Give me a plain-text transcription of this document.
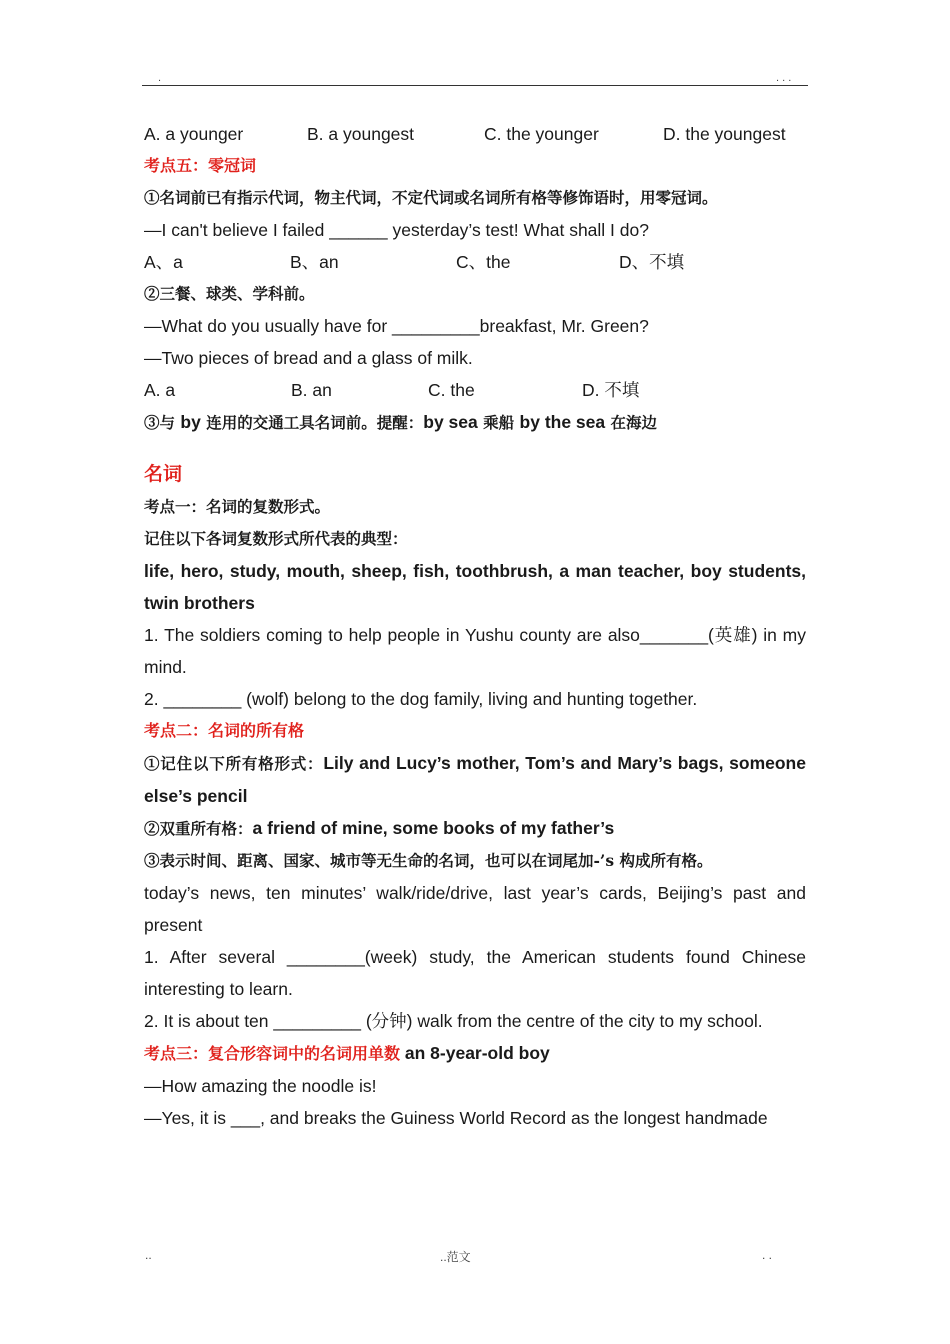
.	. . .
A. a younger	B. a youngest	C. the younger	D. the youngest
考点五：零冠词
①名词前已有指示代词，物主代词，不定代词或名词所有格等修饰语时，用零冠词。
—I can't believe I failed ______ yesterday’s test! What shall I do?
A、a	B、an	C、the	D、不填
②三餐、球类、学科前。
—What do you usually have for _________breakfast, Mr. Green?
—Two pieces of bread and a glass of milk.
A. a	B. an	C. the	D. 不填
③与 by 连用的交通工具名词前。提醒：by sea 乘船 by the sea 在海边
名词
考点一：名词的复数形式。
记住以下各词复数形式所代表的典型：
life, hero, study, mouth, sheep, fish, toothbrush, a man teacher, boy students, twin brothers
1. The soldiers coming to help people in Yushu county are also_______(英雄) in my mind.
2. ________ (wolf) belong to the dog family, living and hunting together.
考点二：名词的所有格
①记住以下所有格形式：Lily and Lucy’s mother, Tom’s and Mary’s bags, someone else’s pencil
②双重所有格：a friend of mine, some books of my father’s
③表示时间、距离、国家、城市等无生命的名词，也可以在词尾加-’s 构成所有格。
today’s news, ten minutes’ walk/ride/drive, last year’s cards, Beijing’s past and present
1. After several ________(week) study, the American students found Chinese interesting to learn.
2. It is about ten _________ (分钟) walk from the centre of the city to my school.
考点三：复合形容词中的名词用单数 an 8-year-old boy
—How amazing the noodle is!
—Yes, it is ___, and breaks the Guiness World Record as the longest handmade
..	..范文	. .
